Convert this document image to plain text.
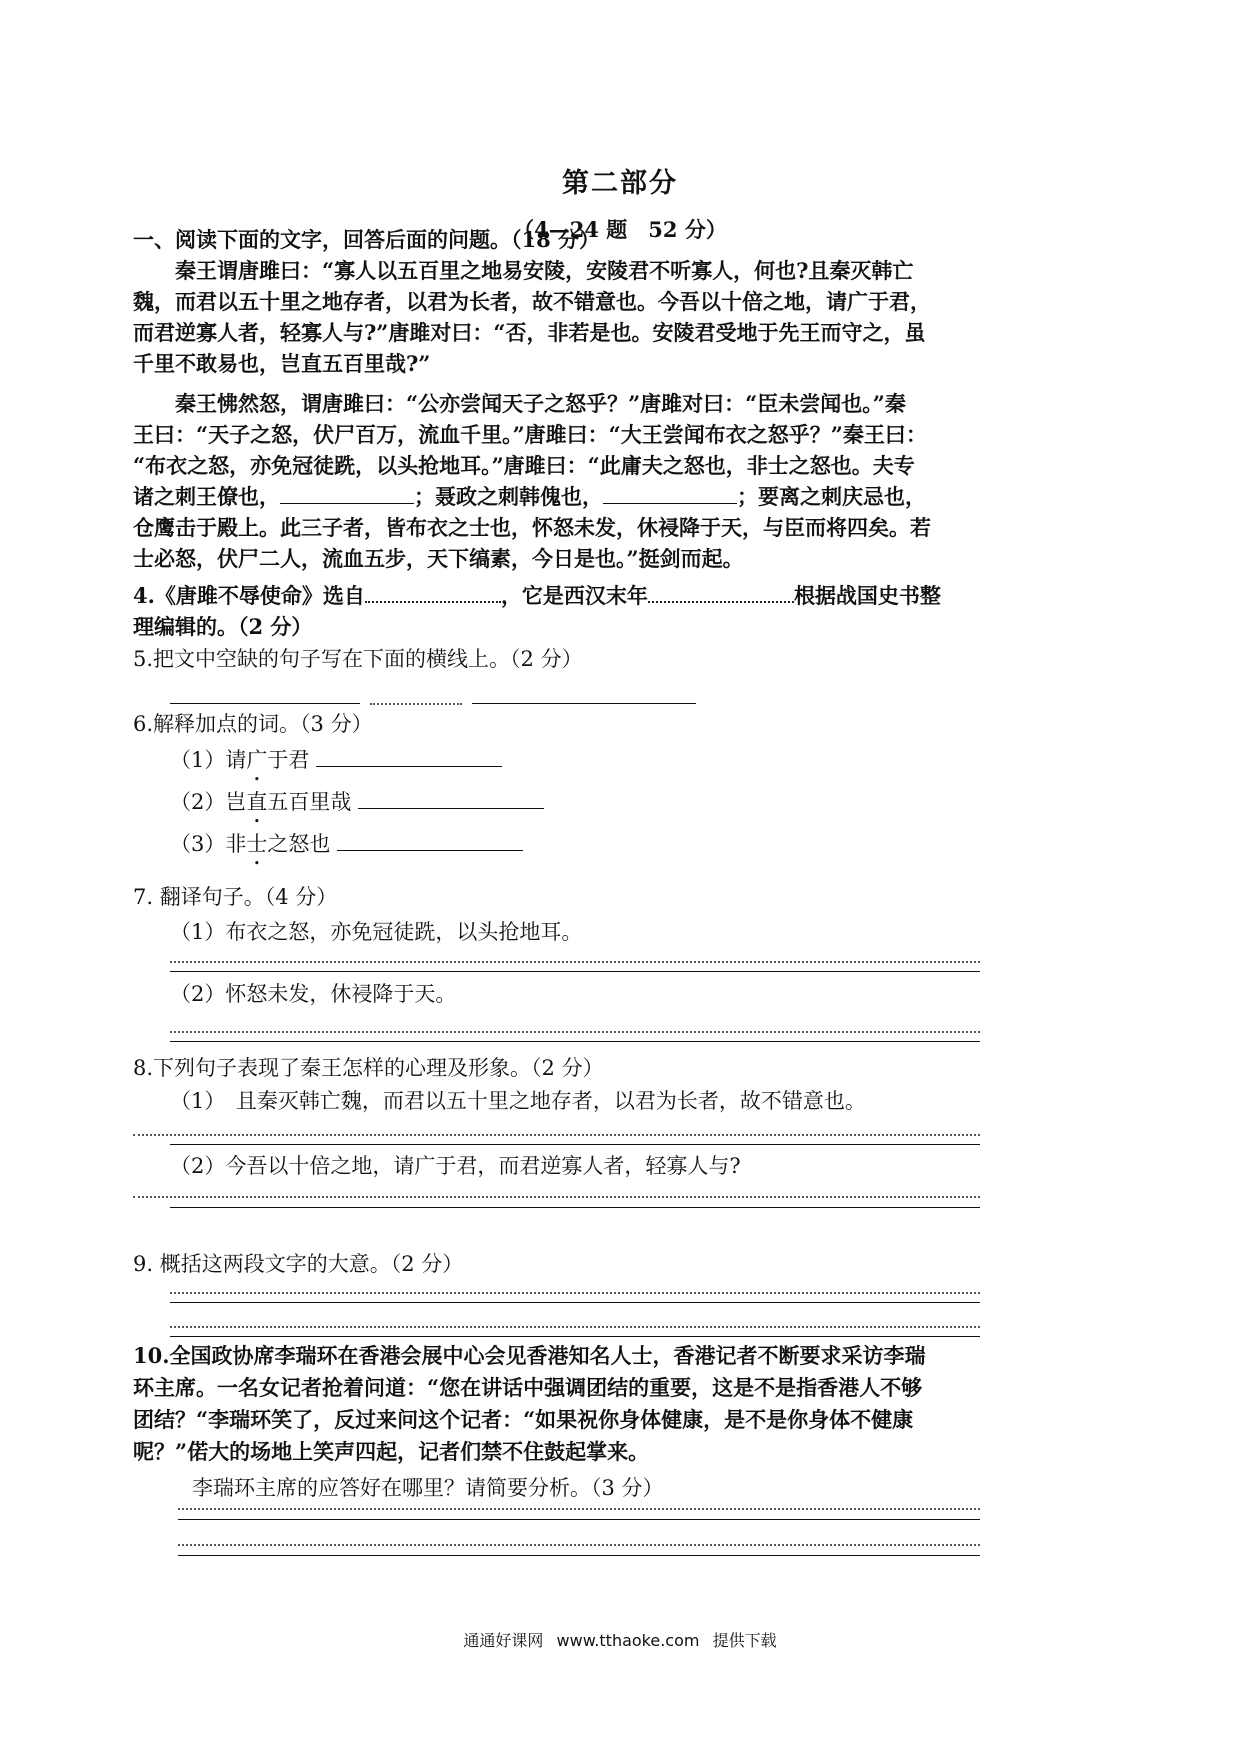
第二部分
（4—24 题　52 分）
一、阅读下面的文字，回答后面的问题。（18 分）
　　秦王谓唐雎曰：“寡人以五百里之地易安陵，安陵君不听寡人，何也?且秦灭韩亡
魏，而君以五十里之地存者，以君为长者，故不错意也。今吾以十倍之地，请广于君，
而君逆寡人者，轻寡人与?”唐雎对曰：“否，非若是也。安陵君受地于先王而守之，虽
千里不敢易也，岂直五百里哉?”
　　秦王怫然怒，谓唐雎曰：“公亦尝闻天子之怒乎？”唐雎对曰：“臣未尝闻也。”秦
王曰：“天子之怒，伏尸百万，流血千里。”唐雎曰：“大王尝闻布衣之怒乎？”秦王曰：
“布衣之怒，亦免冠徒跣，以头抢地耳。”唐雎曰：“此庸夫之怒也，非士之怒也。夫专
诸之刺王僚也，	；聂政之刺韩傀也，	；要离之刺庆忌也，
仓鹰击于殿上。此三子者，皆布衣之士也，怀怒未发，休祲降于天，与臣而将四矣。若
士必怒，伏尸二人，流血五步，天下缟素，今日是也。”挺剑而起。
4.《唐雎不辱使命》选自	，它是西汉末年	根据战国史书整
理编辑的。（2 分）
5.把文中空缺的句子写在下面的横线上。（2 分）
6.解释加点的词。（3 分）
（1）请广于君
（2）岂直五百里哉
（3）非士之怒也
7. 翻译句子。（4 分）
（1）布衣之怒，亦免冠徒跣，以头抢地耳。
（2）怀怒未发，休祲降于天。
8.下列句子表现了秦王怎样的心理及形象。（2 分）
（1）　且秦灭韩亡魏，而君以五十里之地存者，以君为长者，故不错意也。
（2）今吾以十倍之地，请广于君，而君逆寡人者，轻寡人与?
9. 概括这两段文字的大意。（2 分）
10.全国政协席李瑞环在香港会展中心会见香港知名人士，香港记者不断要求采访李瑞
环主席。一名女记者抢着问道：“您在讲话中强调团结的重要，这是不是指香港人不够
团结？“李瑞环笑了，反过来问这个记者：“如果祝你身体健康，是不是你身体不健康
呢？”偌大的场地上笑声四起，记者们禁不住鼓起掌来。
　　李瑞环主席的应答好在哪里？请简要分析。（3 分）
通通好课网 www.tthaoke.com 提供下载
